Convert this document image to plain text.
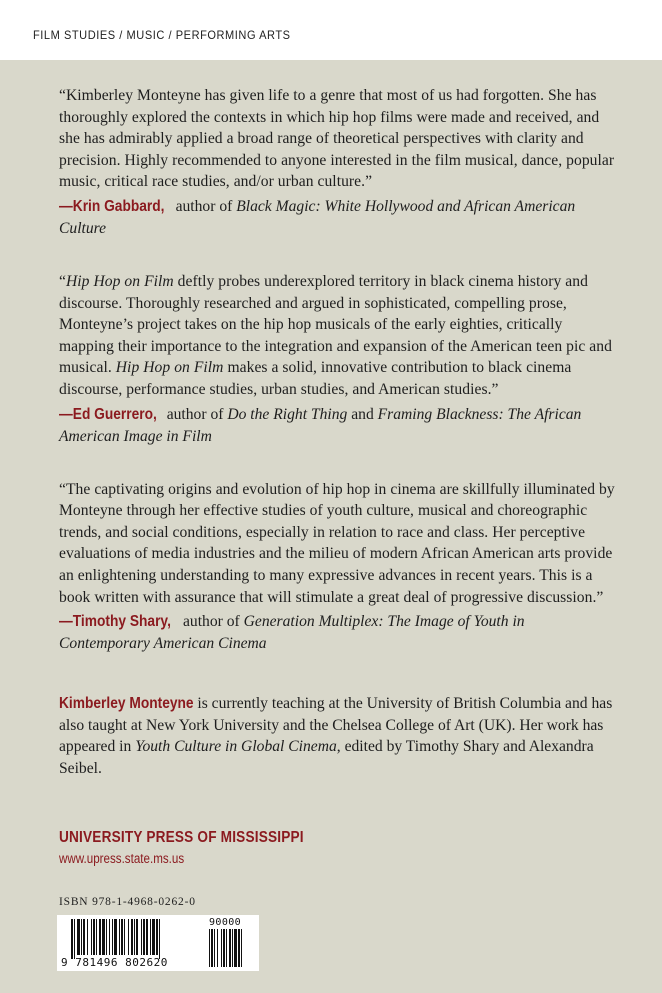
FILM STUDIES / MUSIC / PERFORMING ARTS

“Kimberley Monteyne has given life to a genre that most of us had forgotten. She has thoroughly explored the contexts in which hip hop films were made and received, and she has admirably applied a broad range of theoretical perspectives with clarity and precision. Highly recommended to anyone interested in the film musical, dance, popular music, critical race studies, and/or urban culture.”

—Krin Gabbard, author of Black Magic: White Hollywood and African American Culture

“Hip Hop on Film deftly probes underexplored territory in black cinema history and discourse. Thoroughly researched and argued in sophisticated, compelling prose, Monteyne’s project takes on the hip hop musicals of the early eighties, critically mapping their importance to the integration and expansion of the American teen pic and musical. Hip Hop on Film makes a solid, innovative contribution to black cinema discourse, performance studies, urban studies, and American studies.”

—Ed Guerrero, author of Do the Right Thing and Framing Blackness: The African American Image in Film

“The captivating origins and evolution of hip hop in cinema are skillfully illuminated by Monteyne through her effective studies of youth culture, musical and choreographic trends, and social conditions, especially in relation to race and class. Her perceptive evaluations of media industries and the milieu of modern African American arts provide an enlightening understanding to many expressive advances in recent years. This is a book written with assurance that will stimulate a great deal of progressive discussion.”

—Timothy Shary, author of Generation Multiplex: The Image of Youth in Contemporary American Cinema

Kimberley Monteyne is currently teaching at the University of British Columbia and has also taught at New York University and the Chelsea College of Art (UK). Her work has appeared in Youth Culture in Global Cinema, edited by Timothy Shary and Alexandra Seibel.

UNIVERSITY PRESS OF MISSISSIPPI
www.upress.state.ms.us
ISBN 978-1-4968-0262-0
9 781496 802620
90000
